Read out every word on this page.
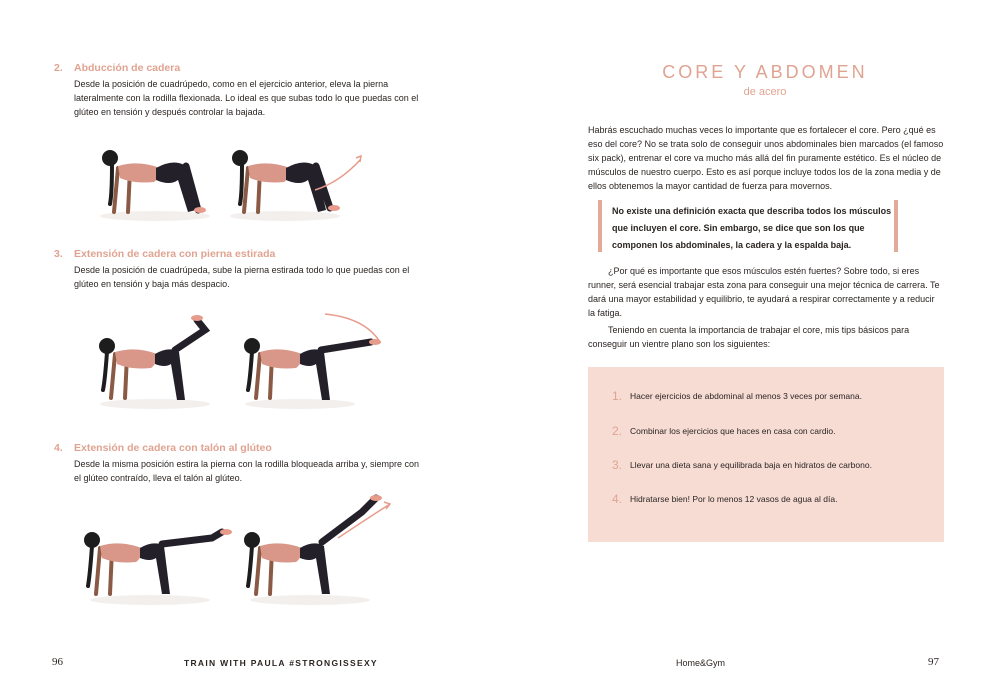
2. Abducción de cadera

Desde la posición de cuadrúpedo, como en el ejercicio anterior, eleva la pierna lateralmente con la rodilla flexionada. Lo ideal es que subas todo lo que puedas con el glúteo en tensión y después controlar la bajada.

3. Extensión de cadera con pierna estirada

Desde la posición de cuadrúpeda, sube la pierna estirada todo lo que puedas con el glúteo en tensión y baja más despacio.

4. Extensión de cadera con talón al glúteo

Desde la misma posición estira la pierna con la rodilla bloqueada arriba y, siempre con el glúteo contraído, lleva el talón al glúteo.

96	TRAIN WITH PAULA #STRONGISSEXY
CORE Y ABDOMEN

de acero

Habrás escuchado muchas veces lo importante que es fortalecer el core. Pero ¿qué es eso del core? No se trata solo de conseguir unos abdominales bien marcados (el famoso six pack), entrenar el core va mucho más allá del fin puramente estético. Es el núcleo de músculos de nuestro cuerpo. Esto es así porque incluye todos los de la zona media y de ellos obtenemos la mayor cantidad de fuerza para movernos.

No existe una definición exacta que describa todos los músculos que incluyen el core. Sin embargo, se dice que son los que componen los abdominales, la cadera y la espalda baja.

¿Por qué es importante que esos músculos estén fuertes? Sobre todo, si eres runner, será esencial trabajar esta zona para conseguir una mejor técnica de carrera. Te dará una mayor estabilidad y equilibrio, te ayudará a respirar correctamente y a reducir la fatiga.

Teniendo en cuenta la importancia de trabajar el core, mis tips básicos para conseguir un vientre plano son los siguientes:

1. Hacer ejercicios de abdominal al menos 3 veces por semana.
2. Combinar los ejercicios que haces en casa con cardio.
3. Llevar una dieta sana y equilibrada baja en hidratos de carbono.
4. Hidratarse bien! Por lo menos 12 vasos de agua al día.
Home&Gym	97
